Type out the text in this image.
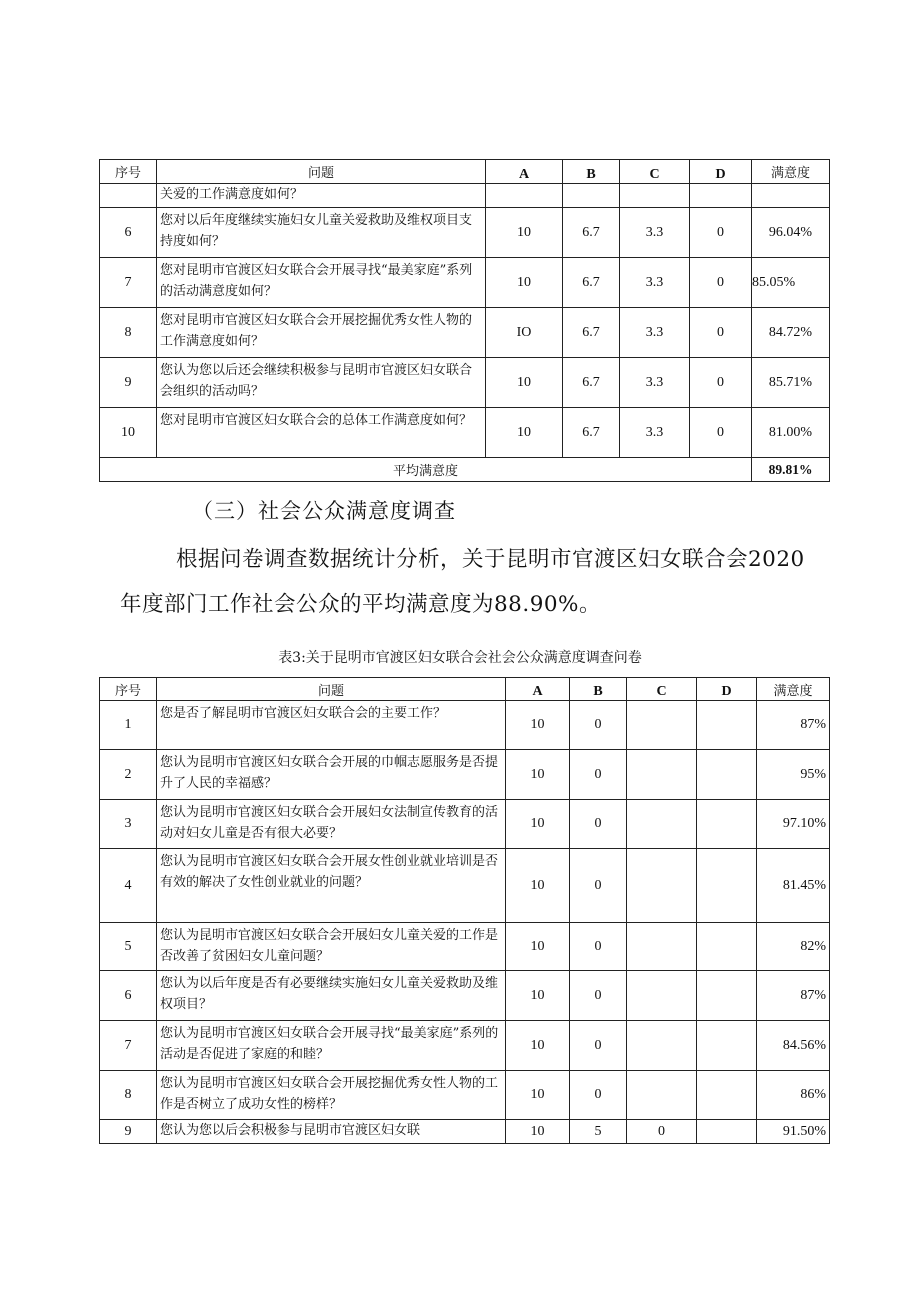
序号	问题	A	B	C	D	满意度
	关爱的工作满意度如何？					
6	您对以后年度继续实施妇女儿童关爱救助及维权项目支持度如何？	10	6.7	3.3	0	96.04%
7	您对昆明市官渡区妇女联合会开展寻找“最美家庭”系列的活动满意度如何？	10	6.7	3.3	0	85.05%
8	您对昆明市官渡区妇女联合会开展挖掘优秀女性人物的工作满意度如何？	IO	6.7	3.3	0	84.72%
9	您认为您以后还会继续积极参与昆明市官渡区妇女联合会组织的活动吗？	10	6.7	3.3	0	85.71%
10	您对昆明市官渡区妇女联合会的总体工作满意度如何？	10	6.7	3.3	0	81.00%
平均满意度						89.81%
（三）社会公众满意度调查
根据问卷调查数据统计分析，关于昆明市官渡区妇女联合会2020
年度部门工作社会公众的平均满意度为88.90%。
表3:关于昆明市官渡区妇女联合会社会公众满意度调查问卷
序号	问题	A	B	C	D	满意度
1	您是否了解昆明市官渡区妇女联合会的主要工作？	10	0			87%
2	您认为昆明市官渡区妇女联合会开展的巾帼志愿服务是否提升了人民的幸福感？	10	0			95%
3	您认为昆明市官渡区妇女联合会开展妇女法制宣传教育的活动对妇女儿童是否有很大必要？	10	0			97.10%
4	您认为昆明市官渡区妇女联合会开展女性创业就业培训是否有效的解决了女性创业就业的问题？	10	0			81.45%
5	您认为昆明市官渡区妇女联合会开展妇女儿童关爱的工作是否改善了贫困妇女儿童问题？	10	0			82%
6	您认为以后年度是否有必要继续实施妇女儿童关爱救助及维权项目？	10	0			87%
7	您认为昆明市官渡区妇女联合会开展寻找“最美家庭”系列的活动是否促进了家庭的和睦？	10	0			84.56%
8	您认为昆明市官渡区妇女联合会开展挖掘优秀女性人物的工作是否树立了成功女性的榜样？	10	0			86%
9	您认为您以后会积极参与昆明市官渡区妇女联	10	5	0		91.50%
